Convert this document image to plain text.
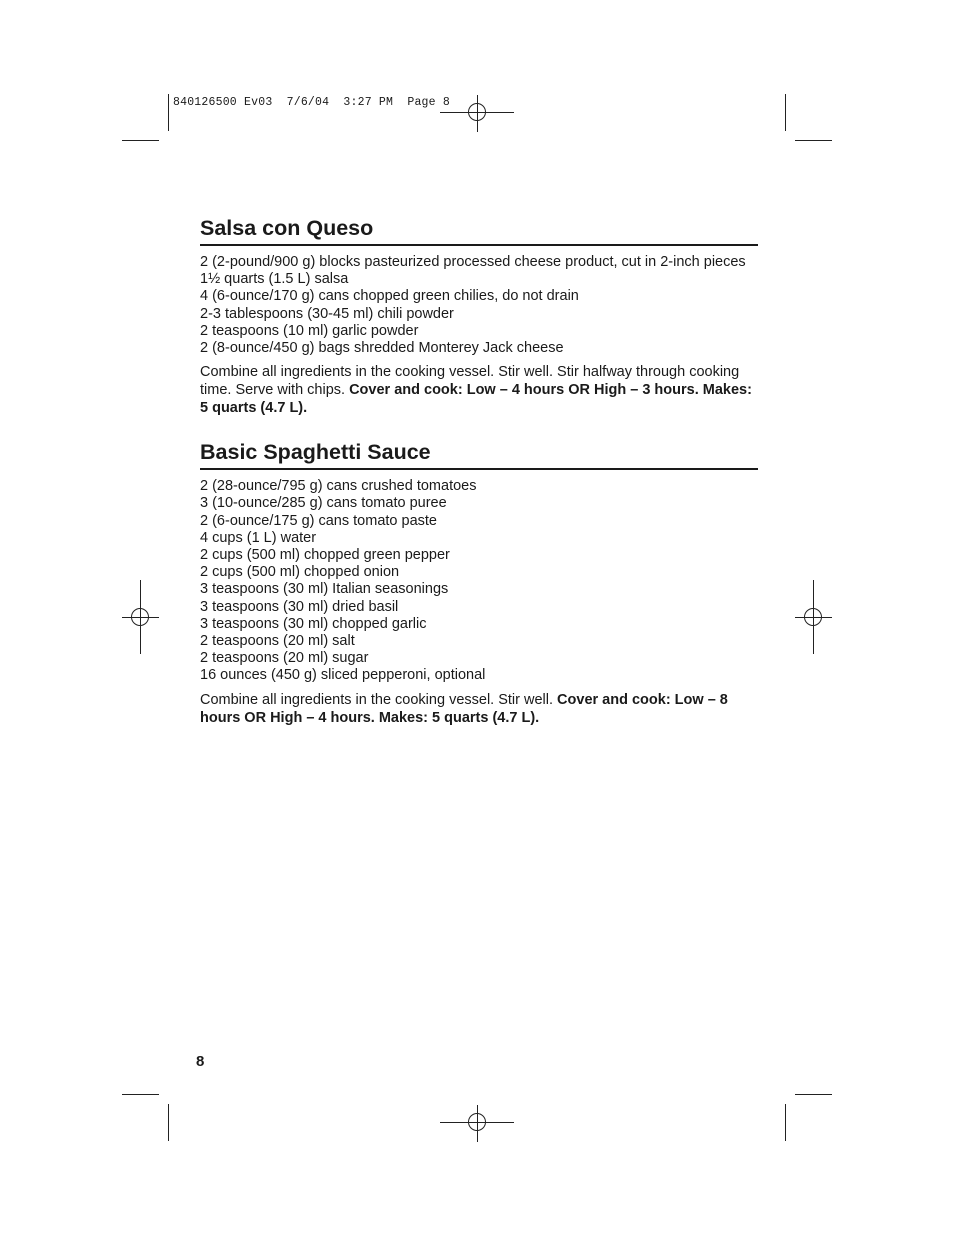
840126500 Ev03  7/6/04  3:27 PM  Page 8
Salsa con Queso
2 (2-pound/900 g) blocks pasteurized processed cheese product, cut in 2-inch pieces
1½ quarts (1.5 L) salsa
4 (6-ounce/170 g) cans chopped green chilies, do not drain
2-3 tablespoons (30-45 ml) chili powder
2 teaspoons (10 ml) garlic powder
2 (8-ounce/450 g) bags shredded Monterey Jack cheese

Combine all ingredients in the cooking vessel. Stir well. Stir halfway through cooking time. Serve with chips. Cover and cook: Low – 4 hours OR High – 3 hours. Makes: 5 quarts (4.7 L).

Basic Spaghetti Sauce
2 (28-ounce/795 g) cans crushed tomatoes
3 (10-ounce/285 g) cans tomato puree
2 (6-ounce/175 g) cans tomato paste
4 cups (1 L) water
2 cups (500 ml) chopped green pepper
2 cups (500 ml) chopped onion
3 teaspoons (30 ml) Italian seasonings
3 teaspoons (30 ml) dried basil
3 teaspoons (30 ml) chopped garlic
2 teaspoons (20 ml) salt
2 teaspoons (20 ml) sugar
16 ounces (450 g) sliced pepperoni, optional

Combine all ingredients in the cooking vessel. Stir well. Cover and cook: Low – 8 hours OR High – 4 hours. Makes: 5 quarts (4.7 L).

8
